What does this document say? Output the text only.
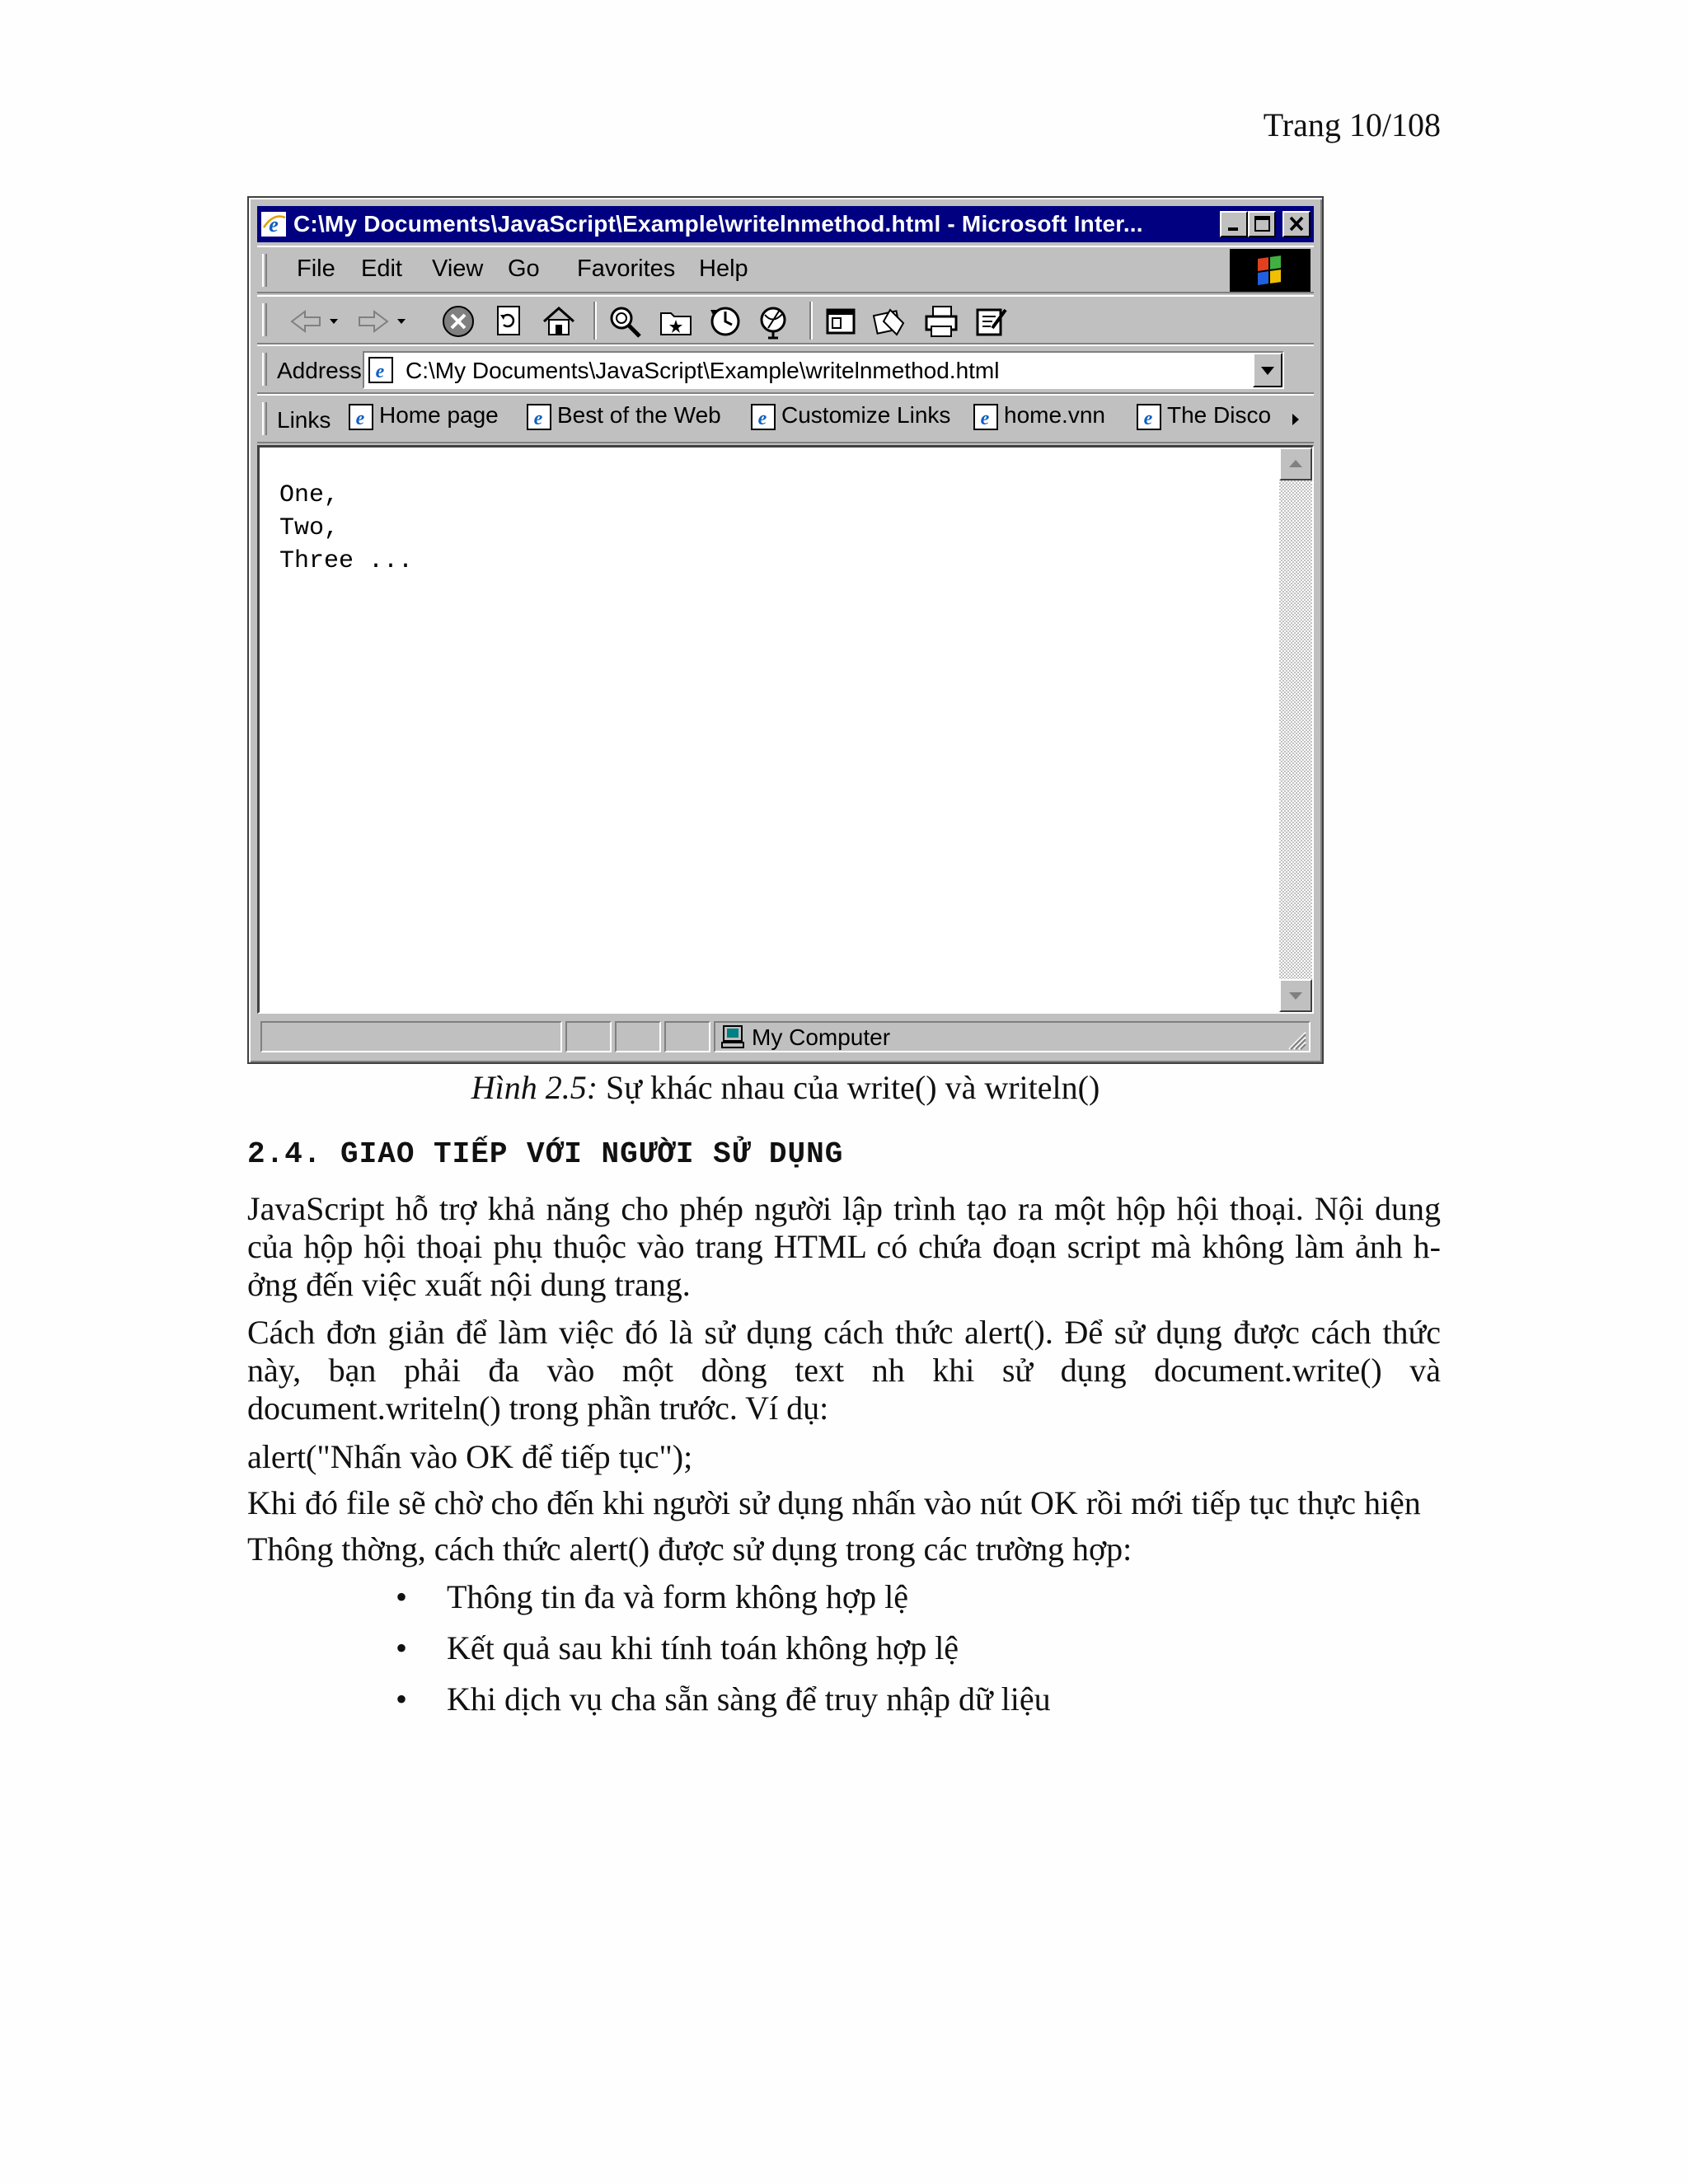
Trang 10/108
e C:\My Documents\JavaScript\Example\writelnmethod.html - Microsoft Inter...
File Edit View Go Favorites Help
Address e C:\My Documents\JavaScript\Example\writelnmethod.html
Links e Home page e Best of the Web e Customize Links e home.vnn e The Disco
One,
Two,
Three ...
My Computer
Hình 2.5: Sự khác nhau của write() và writeln()
2.4. GIAO TIẾP VỚI NGƯỜI SỬ DỤNG
JavaScript hỗ trợ khả năng cho phép người lập trình tạo ra một hộp hội thoại. Nội dung của hộp hội thoại phụ thuộc vào trang HTML có chứa đoạn script mà không làm ảnh h-ởng đến việc xuất nội dung trang.
Cách đơn giản để làm việc đó là sử dụng cách thức alert(). Để sử dụng được cách thức này, bạn phải đa vào một dòng text nh khi sử dụng document.write() và document.writeln() trong phần trước. Ví dụ:
alert("Nhấn vào OK để tiếp tục");
Khi đó file sẽ chờ cho đến khi người sử dụng nhấn vào nút OK rồi mới tiếp tục thực hiện
Thông thờng, cách thức alert() được sử dụng trong các trường hợp:
• Thông tin đa và form không hợp lệ
• Kết quả sau khi tính toán không hợp lệ
• Khi dịch vụ cha sẵn sàng để truy nhập dữ liệu
